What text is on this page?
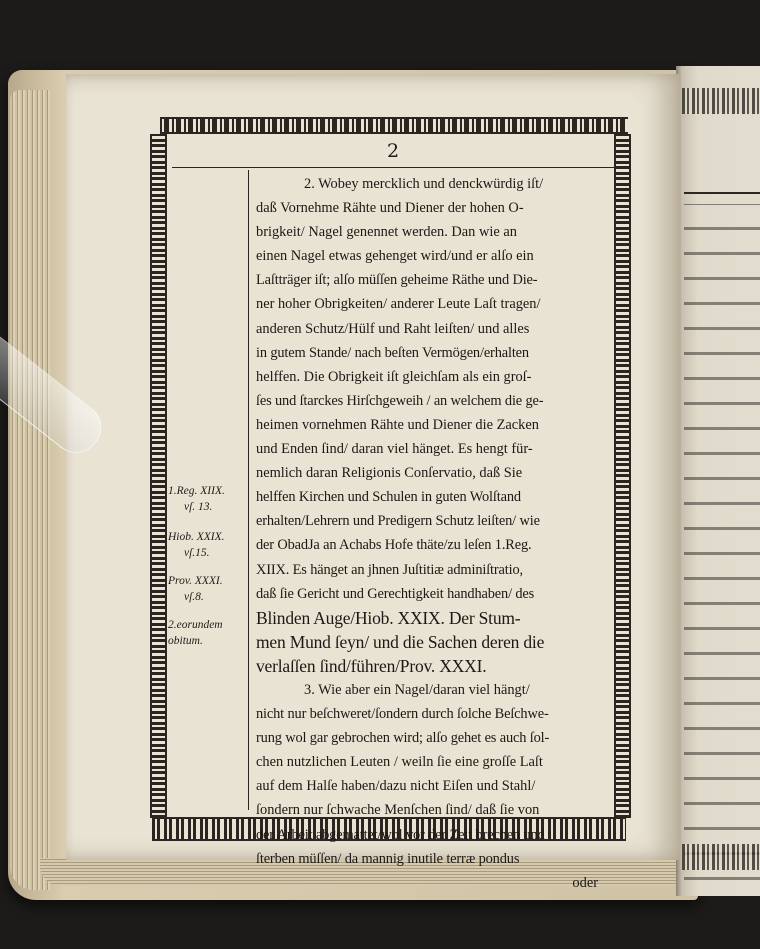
2
1.Reg. XIIX.
vſ. 13.
Hiob. XXIX.
vſ.15.
Prov. XXXI.
vſ.8.
2.eorundem
obitum.
2. Wobey mercklich und denckwürdig iſt/
daß Vornehme Rähte und Diener der hohen O-
brigkeit/ Nagel genennet werden. Dan wie an
einen Nagel etwas gehenget wird/und er alſo ein
Laſtträger iſt; alſo müſſen geheime Räthe und Die-
ner hoher Obrigkeiten/ anderer Leute Laſt tragen/
anderen Schutz/Hülf und Raht leiſten/ und alles
in gutem Stande/ nach beſten Vermögen/erhalten
helffen. Die Obrigkeit iſt gleichſam als ein groſ-
ſes und ſtarckes Hirſchgeweih / an welchem die ge-
heimen vornehmen Rähte und Diener die Zacken
und Enden ſind/ daran viel hänget. Es hengt für-
nemlich daran Religionis Conſervatio, daß Sie
helffen Kirchen und Schulen in guten Wolſtand
erhalten/Lehrern und Predigern Schutz leiſten/ wie
der ObadJa an Achabs Hofe thäte/zu leſen 1.Reg.
XIIX. Es hänget an jhnen Juſtitiæ adminiſtratio,
daß ſie Gericht und Gerechtigkeit handhaben/ des
Blinden Auge/Hiob. XXIX. Der Stum-
men Mund ſeyn/ und die Sachen deren die
verlaſſen ſind/führen/Prov. XXXI.
3. Wie aber ein Nagel/daran viel hängt/
nicht nur beſchweret/ſondern durch ſolche Beſchwe-
rung wol gar gebrochen wird; alſo gehet es auch ſol-
chen nutzlichen Leuten / weiln ſie eine groſſe Laſt
auf dem Halſe haben/dazu nicht Eiſen und Stahl/
ſondern nur ſchwache Menſchen ſind/ daß ſie von
der Arbeit abgemattet/wol vor der Zeit brechen und
ſterben müſſen/ da mannig inutile terræ pondus
oder
